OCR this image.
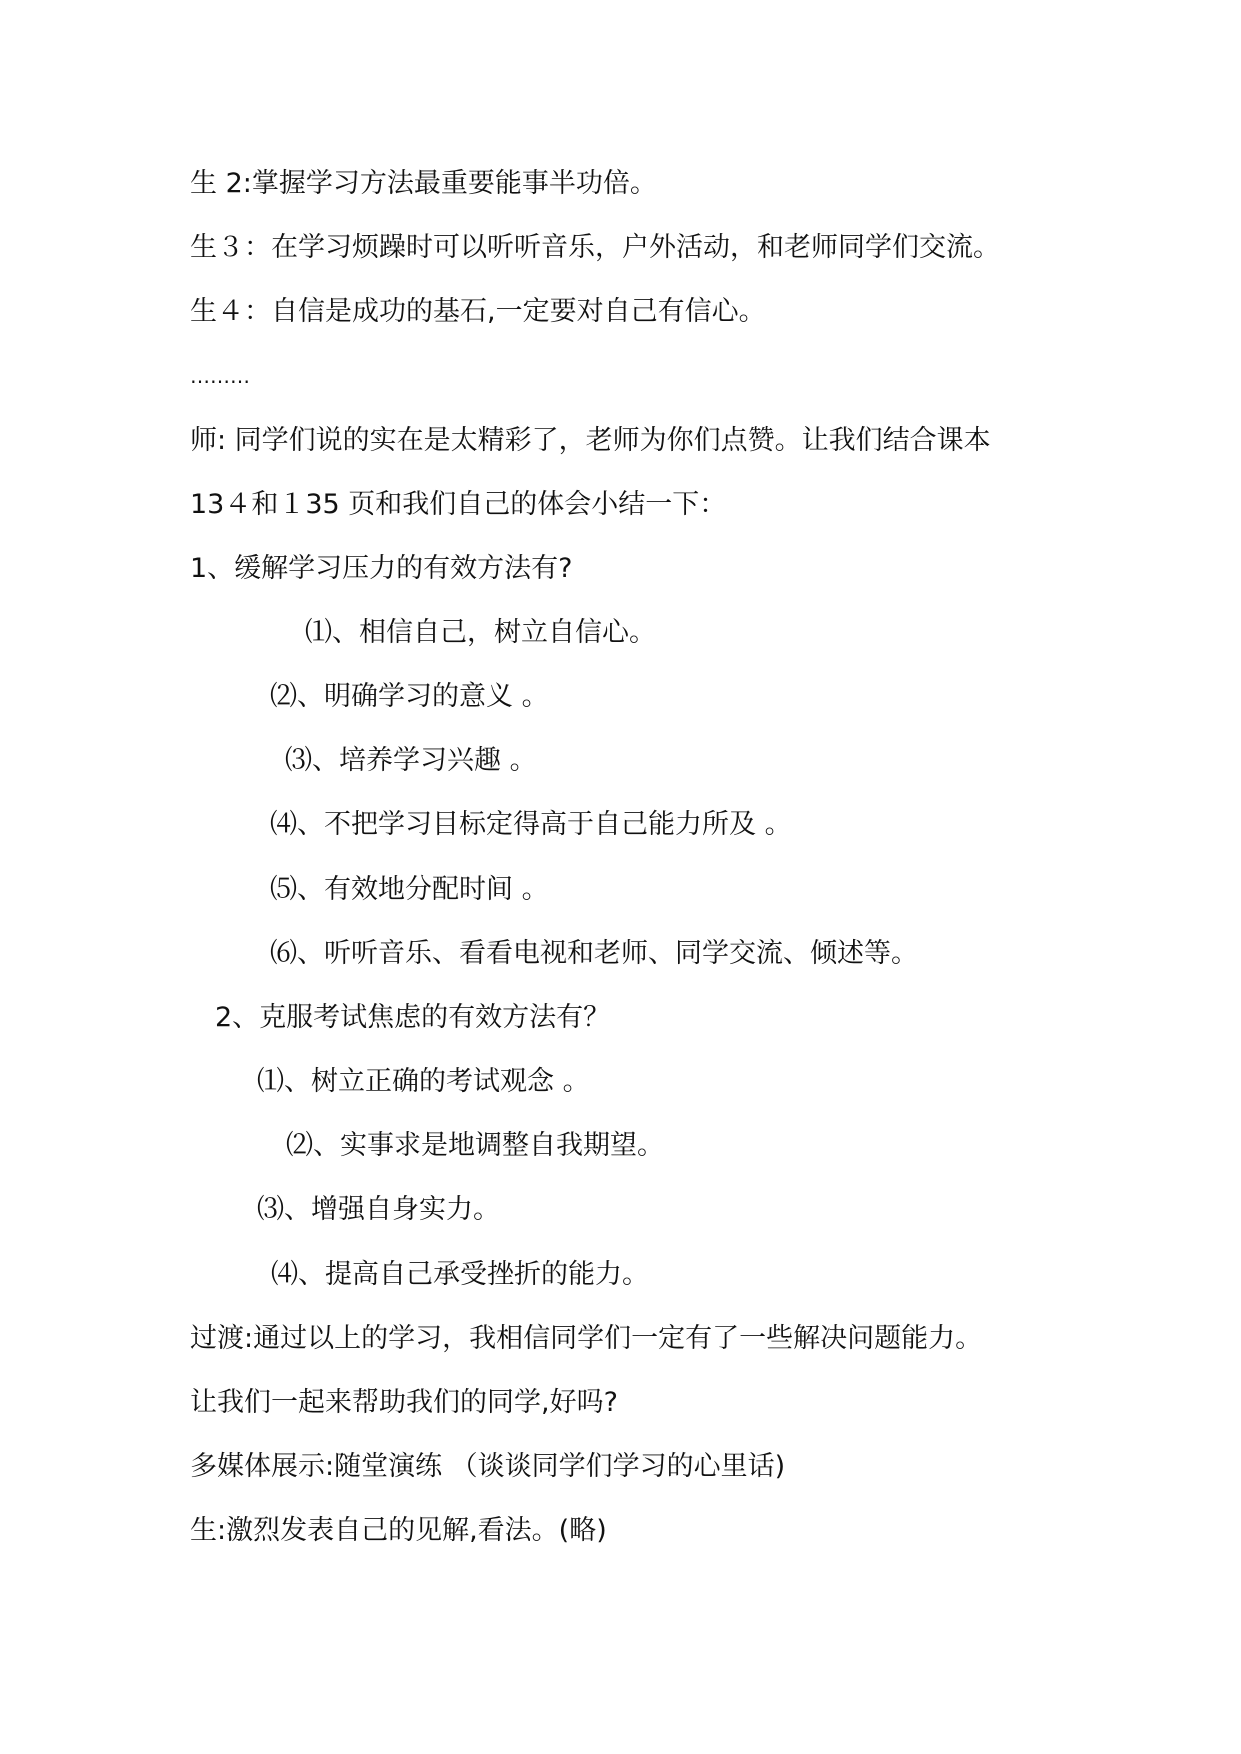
生 2:掌握学习方法最重要能事半功倍。
生３：在学习烦躁时可以听听音乐，户外活动，和老师同学们交流。
生４：自信是成功的基石,一定要对自己有信心。
………
师: 同学们说的实在是太精彩了，老师为你们点赞。让我们结合课本
13４和１35 页和我们自己的体会小结一下：
1、缓解学习压力的有效方法有?
⑴、相信自己，树立自信心。
⑵、明确学习的意义 。
⑶、培养学习兴趣 。
⑷、不把学习目标定得高于自己能力所及 。
⑸、有效地分配时间 。
⑹、听听音乐、看看电视和老师、同学交流、倾述等。
2、克服考试焦虑的有效方法有？
⑴、树立正确的考试观念 。
⑵、实事求是地调整自我期望。
⑶、增强自身实力。
⑷、提高自己承受挫折的能力。
过渡:通过以上的学习，我相信同学们一定有了一些解决问题能力。
让我们一起来帮助我们的同学,好吗?
多媒体展示:随堂演练 （谈谈同学们学习的心里话)
生:激烈发表自己的见解,看法。(略)
